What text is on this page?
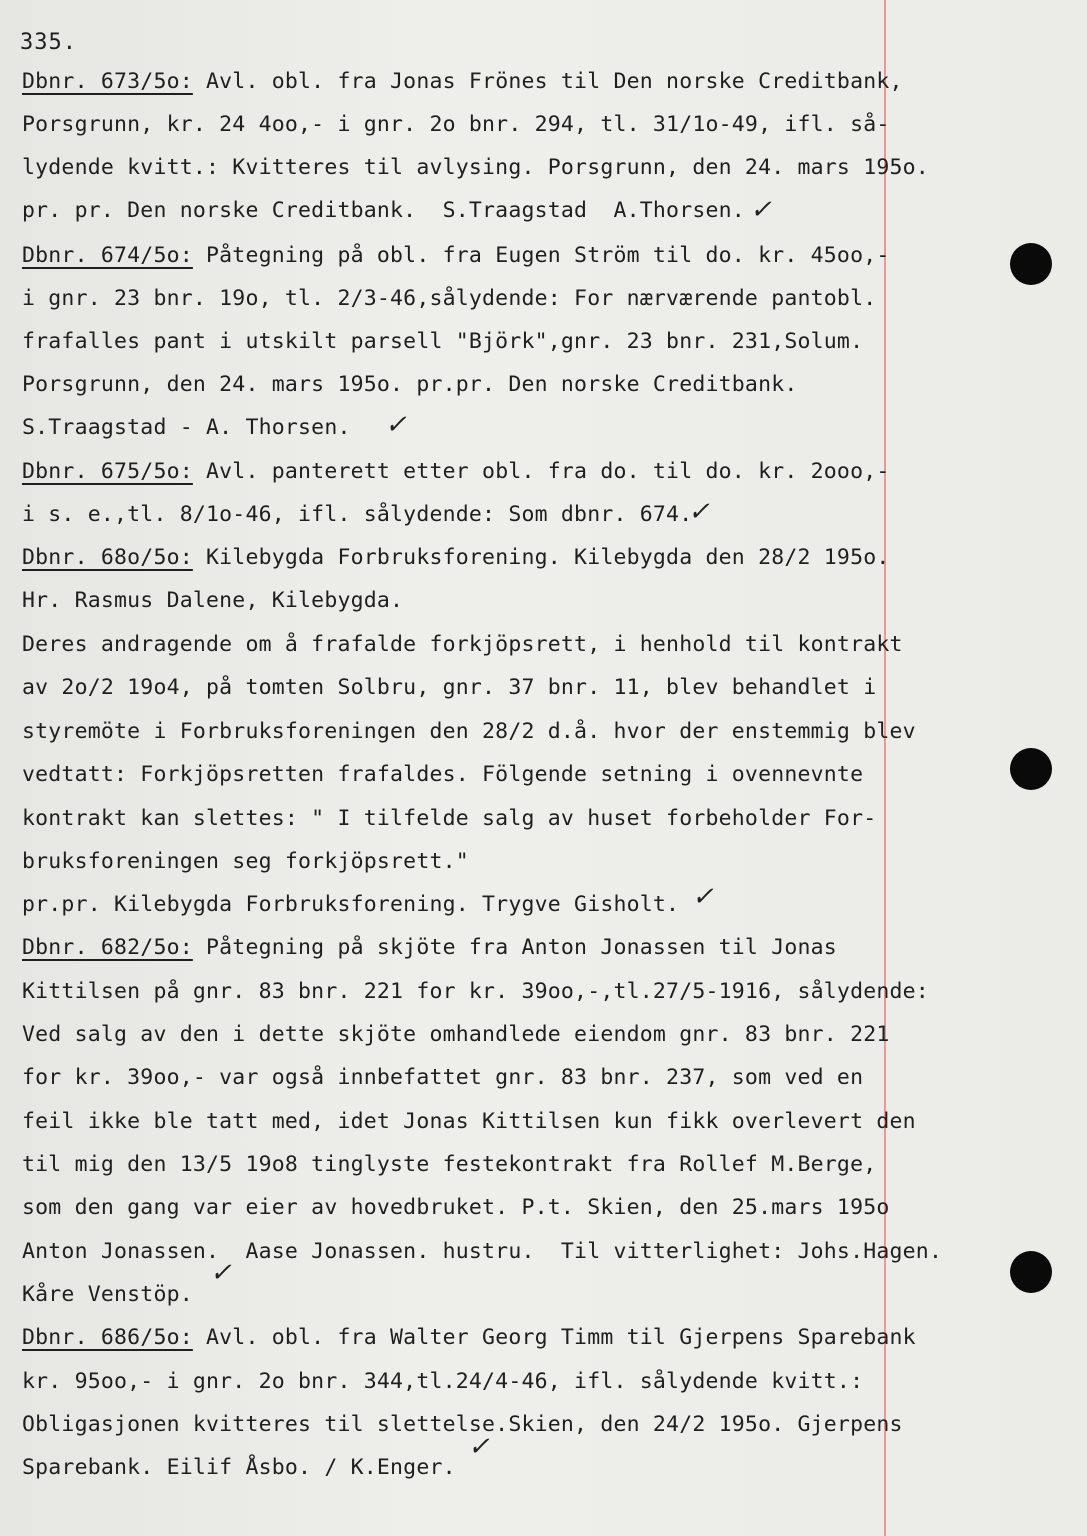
335.
Dbnr. 673/5o: Avl. obl. fra Jonas Frönes til Den norske Creditbank,
Porsgrunn, kr. 24 4oo,- i gnr. 2o bnr. 294, tl. 31/1o-49, ifl. så-
lydende kvitt.: Kvitteres til avlysing. Porsgrunn, den 24. mars 195o.
pr. pr. Den norske Creditbank.  S.Traagstad  A.Thorsen.
Dbnr. 674/5o: Påtegning på obl. fra Eugen Ström til do. kr. 45oo,-
i gnr. 23 bnr. 19o, tl. 2/3-46,sålydende: For nærværende pantobl.
frafalles pant i utskilt parsell "Björk",gnr. 23 bnr. 231,Solum.
Porsgrunn, den 24. mars 195o. pr.pr. Den norske Creditbank.
S.Traagstad - A. Thorsen.
Dbnr. 675/5o: Avl. panterett etter obl. fra do. til do. kr. 2ooo,-
i s. e.,tl. 8/1o-46, ifl. sålydende: Som dbnr. 674.
Dbnr. 68o/5o: Kilebygda Forbruksforening. Kilebygda den 28/2 195o.
Hr. Rasmus Dalene, Kilebygda.
Deres andragende om å frafalde forkjöpsrett, i henhold til kontrakt
av 2o/2 19o4, på tomten Solbru, gnr. 37 bnr. 11, blev behandlet i
styremöte i Forbruksforeningen den 28/2 d.å. hvor der enstemmig blev
vedtatt: Forkjöpsretten frafaldes. Fölgende setning i ovennevnte
kontrakt kan slettes: " I tilfelde salg av huset forbeholder For-
bruksforeningen seg forkjöpsrett."
pr.pr. Kilebygda Forbruksforening. Trygve Gisholt.
Dbnr. 682/5o: Påtegning på skjöte fra Anton Jonassen til Jonas
Kittilsen på gnr. 83 bnr. 221 for kr. 39oo,-,tl.27/5-1916, sålydende:
Ved salg av den i dette skjöte omhandlede eiendom gnr. 83 bnr. 221
for kr. 39oo,- var også innbefattet gnr. 83 bnr. 237, som ved en
feil ikke ble tatt med, idet Jonas Kittilsen kun fikk overlevert den
til mig den 13/5 19o8 tinglyste festekontrakt fra Rollef M.Berge,
som den gang var eier av hovedbruket. P.t. Skien, den 25.mars 195o
Anton Jonassen.  Aase Jonassen. hustru.  Til vitterlighet: Johs.Hagen.
Kåre Venstöp.
Dbnr. 686/5o: Avl. obl. fra Walter Georg Timm til Gjerpens Sparebank
kr. 95oo,- i gnr. 2o bnr. 344,tl.24/4-46, ifl. sålydende kvitt.:
Obligasjonen kvitteres til slettelse.Skien, den 24/2 195o. Gjerpens
Sparebank. Eilif Åsbo. / K.Enger.
✓
✓
✓
✓
✓
✓
